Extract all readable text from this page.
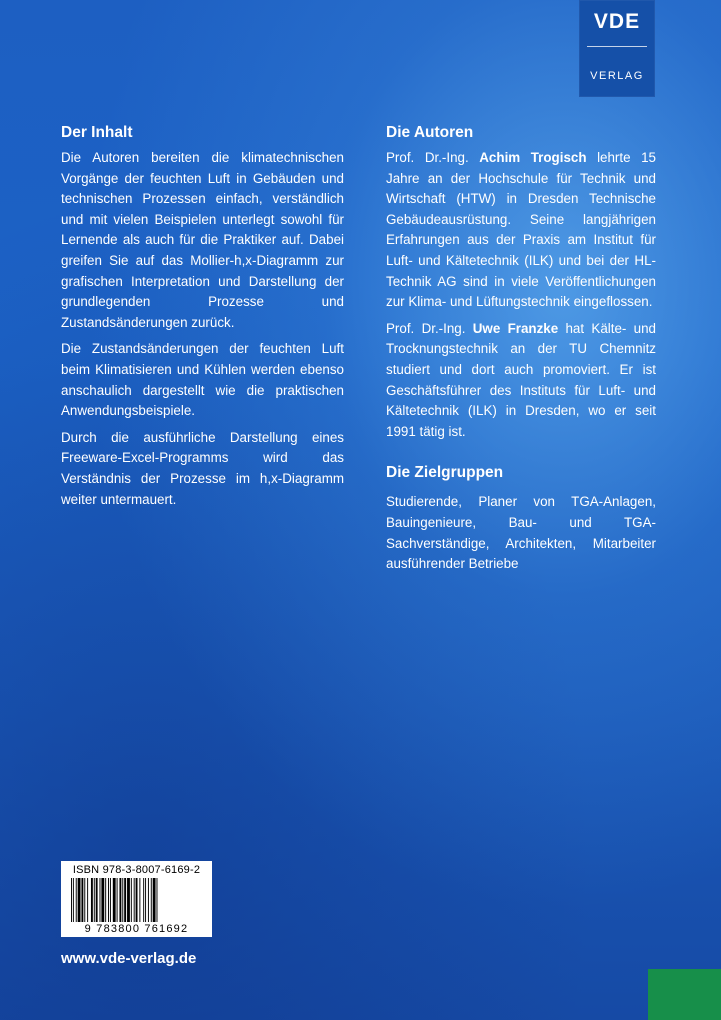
VDE
VERLAG
Der Inhalt

Die Autoren bereiten die klimatechnischen Vorgänge der feuchten Luft in Gebäuden und technischen Prozessen einfach, verständlich und mit vielen Beispielen unterlegt sowohl für Lernende als auch für die Praktiker auf. Dabei greifen Sie auf das Mollier-h,x-Diagramm zur grafischen Interpretation und Darstellung der grundlegenden Prozesse und Zustandsänderungen zurück.

Die Zustandsänderungen der feuchten Luft beim Klimatisieren und Kühlen werden ebenso anschaulich dargestellt wie die praktischen Anwendungsbeispiele.

Durch die ausführliche Darstellung eines Freeware-Excel-Programms wird das Verständnis der Prozesse im h,x-Diagramm weiter untermauert.

Die Autoren

Prof. Dr.-Ing. Achim Trogisch lehrte 15 Jahre an der Hochschule für Technik und Wirtschaft (HTW) in Dresden Technische Gebäudeausrüstung. Seine langjährigen Erfahrungen aus der Praxis am Institut für Luft- und Kältetechnik (ILK) und bei der HL-Technik AG sind in viele Veröffentlichungen zur Klima- und Lüftungstechnik eingeflossen.

Prof. Dr.-Ing. Uwe Franzke hat Kälte- und Trocknungstechnik an der TU Chemnitz studiert und dort auch promoviert. Er ist Geschäftsführer des Instituts für Luft- und Kältetechnik (ILK) in Dresden, wo er seit 1991 tätig ist.

Die Zielgruppen

Studierende, Planer von TGA-Anlagen, Bauingenieure, Bau- und TGA-Sachverständige, Architekten, Mitarbeiter ausführender Betriebe

ISBN 978-3-8007-6169-2
9 783800 761692
www.vde-verlag.de
